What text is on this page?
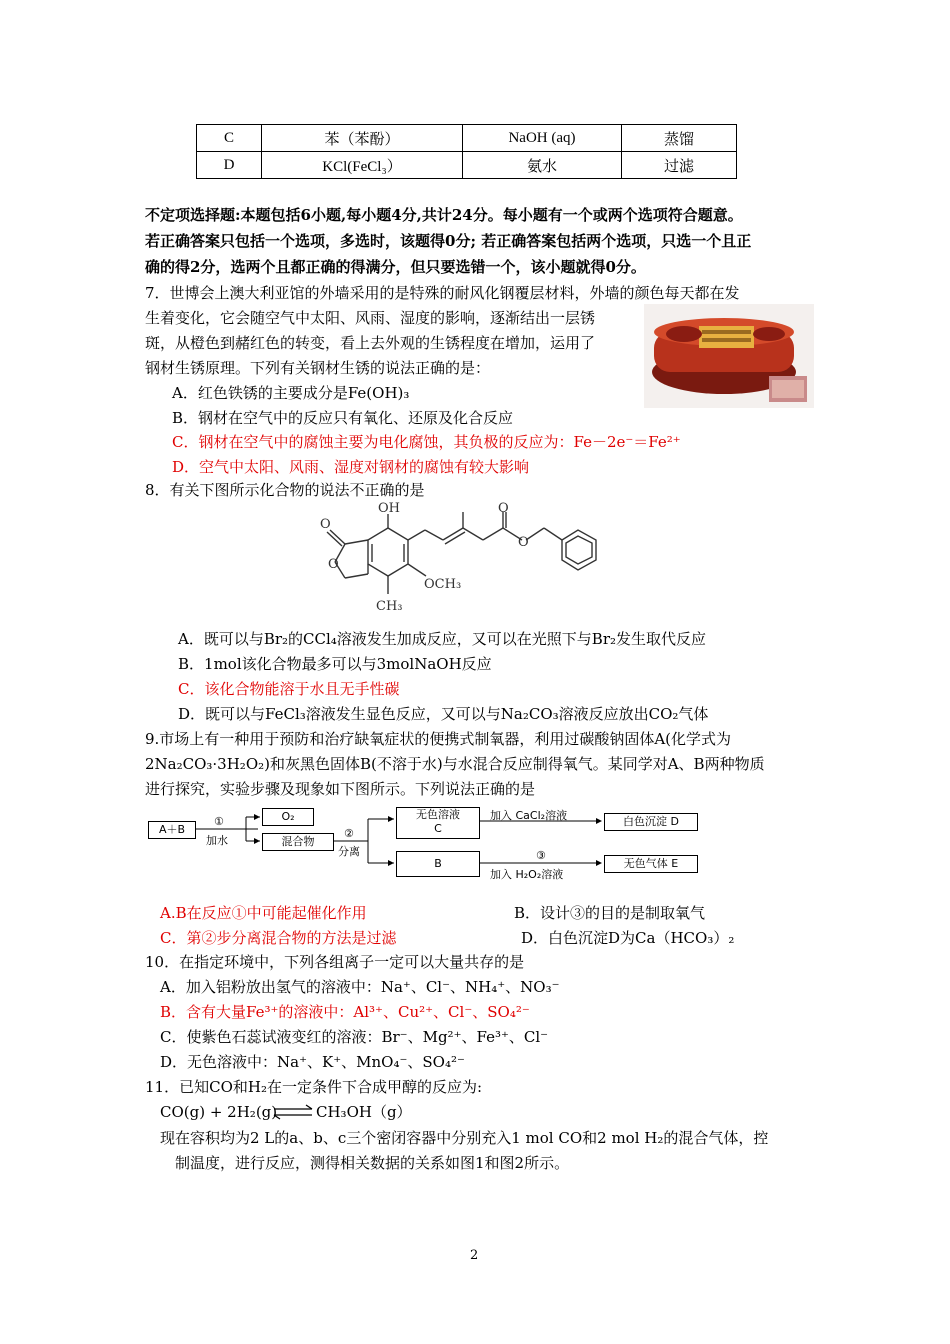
C	苯（苯酚）	NaOH (aq)	蒸馏
D	KCl(FeCl₃）	氨水	过滤
不定项选择题:本题包括6小题,每小题4分,共计24分。每小题有一个或两个选项符合题意。
若正确答案只包括一个选项，多选时，该题得0分; 若正确答案包括两个选项，只选一个且正
确的得2分，选两个且都正确的得满分，但只要选错一个，该小题就得0分。
7．世博会上澳大利亚馆的外墙采用的是特殊的耐风化钢覆层材料，外墙的颜色每天都在发
生着变化，它会随空气中太阳、风雨、湿度的影响，逐渐结出一层锈
斑，从橙色到赭红色的转变，看上去外观的生锈程度在增加，运用了
钢材生锈原理。下列有关钢材生锈的说法正确的是：
A．红色铁锈的主要成分是Fe(OH)₃
B．钢材在空气中的反应只有氧化、还原及化合反应
C．钢材在空气中的腐蚀主要为电化腐蚀，其负极的反应为：Fe－2e⁻＝Fe²⁺
D．空气中太阳、风雨、湿度对钢材的腐蚀有较大影响
8．有关下图所示化合物的说法不正确的是
O
O
OH
OCH₃
CH₃
O
O
A．既可以与Br₂的CCl₄溶液发生加成反应，又可以在光照下与Br₂发生取代反应
B．1mol该化合物最多可以与3molNaOH反应
C．该化合物能溶于水且无手性碳
D．既可以与FeCl₃溶液发生显色反应，又可以与Na₂CO₃溶液反应放出CO₂气体
9.市场上有一种用于预防和治疗缺氧症状的便携式制氧器，利用过碳酸钠固体A(化学式为
2Na₂CO₃·3H₂O₂)和灰黑色固体B(不溶于水)与水混合反应制得氧气。某同学对A、B两种物质
进行探究，实验步骤及现象如下图所示。下列说法正确的是
A＋B
①
加水
O₂
混合物
②
分离
无色溶液
C
B
加入 CaCl₂溶液
③
加入 H₂O₂溶液
白色沉淀 D
无色气体 E
A.B在反应①中可能起催化作用	B．设计③的目的是制取氧气
C．第②步分离混合物的方法是过滤	D．白色沉淀D为Ca（HCO₃）₂
10．在指定环境中，下列各组离子一定可以大量共存的是
A．加入铝粉放出氢气的溶液中：Na⁺、Cl⁻、NH₄⁺、NO₃⁻
B．含有大量Fe³⁺的溶液中：Al³⁺、Cu²⁺、Cl⁻、SO₄²⁻
C．使紫色石蕊试液变红的溶液：Br⁻、Mg²⁺、Fe³⁺、Cl⁻
D．无色溶液中：Na⁺、K⁺、MnO₄⁻、SO₄²⁻
11．已知CO和H₂在一定条件下合成甲醇的反应为:
CO(g) + 2H₂(g) ⇌ CH₃OH（g）
现在容积均为2 L的a、b、c三个密闭容器中分别充入1 mol CO和2 mol H₂的混合气体，控
制温度，进行反应，测得相关数据的关系如图1和图2所示。
2
